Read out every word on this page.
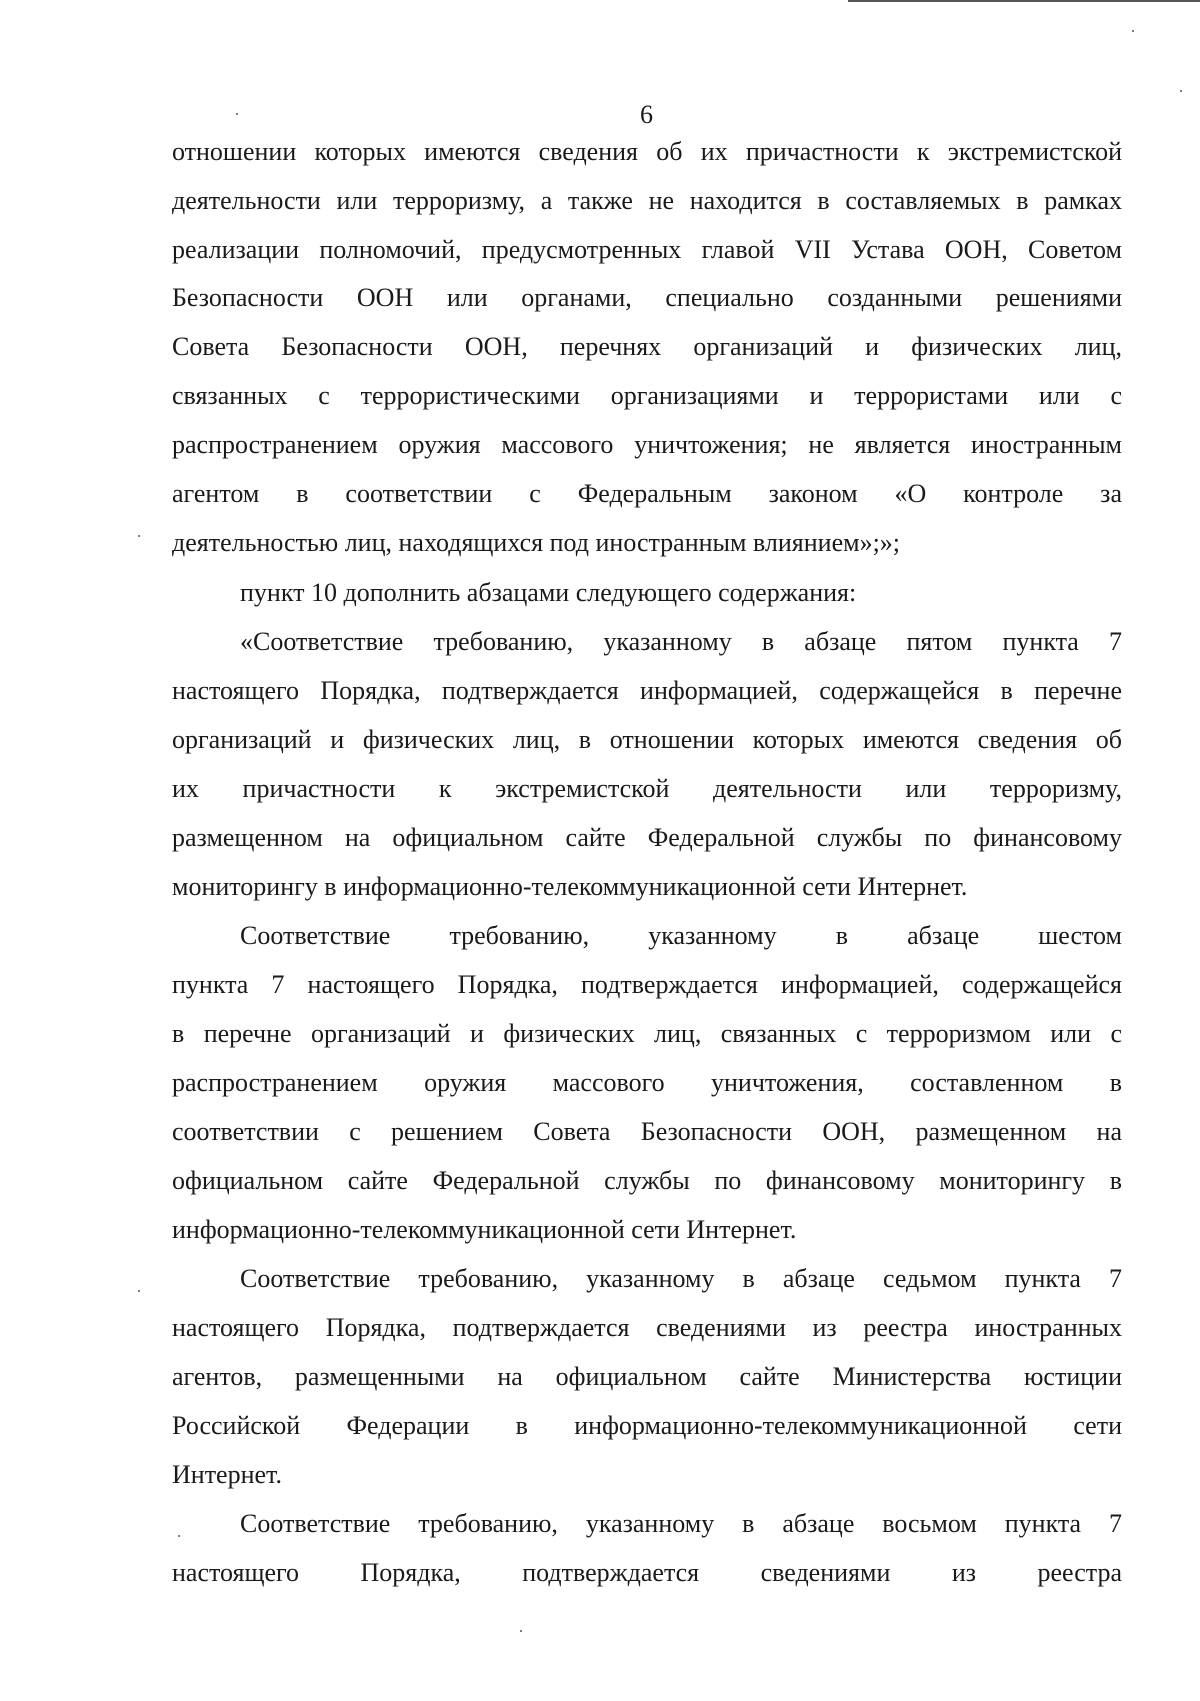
6
отношении которых имеются сведения об их причастности к экстремистской
деятельности или терроризму, а также не находится в составляемых в рамках
реализации полномочий, предусмотренных главой VII Устава ООН, Советом
Безопасности ООН или органами, специально созданными решениями
Совета Безопасности ООН, перечнях организаций и физических лиц,
связанных с террористическими организациями и террористами или с
распространением оружия массового уничтожения; не является иностранным
агентом в соответствии с Федеральным законом «О контроле за
деятельностью лиц, находящихся под иностранным влиянием»;»;
пункт 10 дополнить абзацами следующего содержания:
«Соответствие требованию, указанному в абзаце пятом пункта 7
настоящего Порядка, подтверждается информацией, содержащейся в перечне
организаций и физических лиц, в отношении которых имеются сведения об
их причастности к экстремистской деятельности или терроризму,
размещенном на официальном сайте Федеральной службы по финансовому
мониторингу в информационно-телекоммуникационной сети Интернет.
Соответствие требованию, указанному в абзаце шестом
пункта 7 настоящего Порядка, подтверждается информацией, содержащейся
в перечне организаций и физических лиц, связанных с терроризмом или с
распространением оружия массового уничтожения, составленном в
соответствии с решением Совета Безопасности ООН, размещенном на
официальном сайте Федеральной службы по финансовому мониторингу в
информационно-телекоммуникационной сети Интернет.
Соответствие требованию, указанному в абзаце седьмом пункта 7
настоящего Порядка, подтверждается сведениями из реестра иностранных
агентов, размещенными на официальном сайте Министерства юстиции
Российской Федерации в информационно-телекоммуникационной сети
Интернет.
Соответствие требованию, указанному в абзаце восьмом пункта 7
настоящего Порядка, подтверждается сведениями из реестра
